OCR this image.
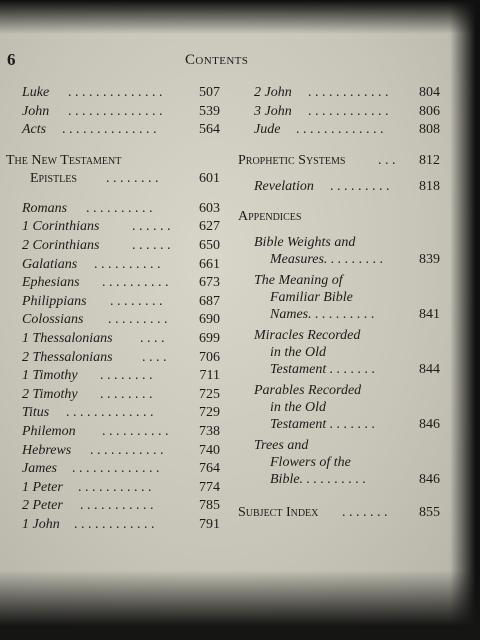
6	Contents
Luke . . . . . . . . . . . . . .	507
John . . . . . . . . . . . . . .	539
Acts . . . . . . . . . . . . . .	564
The New Testament
Epistles . . . . . . . .	601
Romans . . . . . . . . . .	603
1 Corinthians . . . . . .	627
2 Corinthians . . . . . .	650
Galatians . . . . . . . . . .	661
Ephesians . . . . . . . . . .	673
Philippians . . . . . . . .	687
Colossians . . . . . . . . .	690
1 Thessalonians . . . .	699
2 Thessalonians . . . .	706
1 Timothy . . . . . . . .	711
2 Timothy . . . . . . . .	725
Titus . . . . . . . . . . . . .	729
Philemon . . . . . . . . . .	738
Hebrews . . . . . . . . . . .	740
James . . . . . . . . . . . . .	764
1 Peter . . . . . . . . . . .	774
2 Peter . . . . . . . . . . .	785
1 John . . . . . . . . . . . .	791
2 John . . . . . . . . . . . .	804
3 John . . . . . . . . . . . .	806
Jude . . . . . . . . . . . . .	808
Prophetic Systems . . . 812
Revelation . . . . . . . . .	818
Appendices
Bible Weights and
Measures. . . . . . . . .	839
The Meaning of
Familiar Bible
Names. . . . . . . . . .	841
Miracles Recorded
in the Old
Testament . . . . . . .	844
Parables Recorded
in the Old
Testament . . . . . . .	846
Trees and
Flowers of the
Bible. . . . . . . . . .	846
Subject Index . . . . . . . 855
